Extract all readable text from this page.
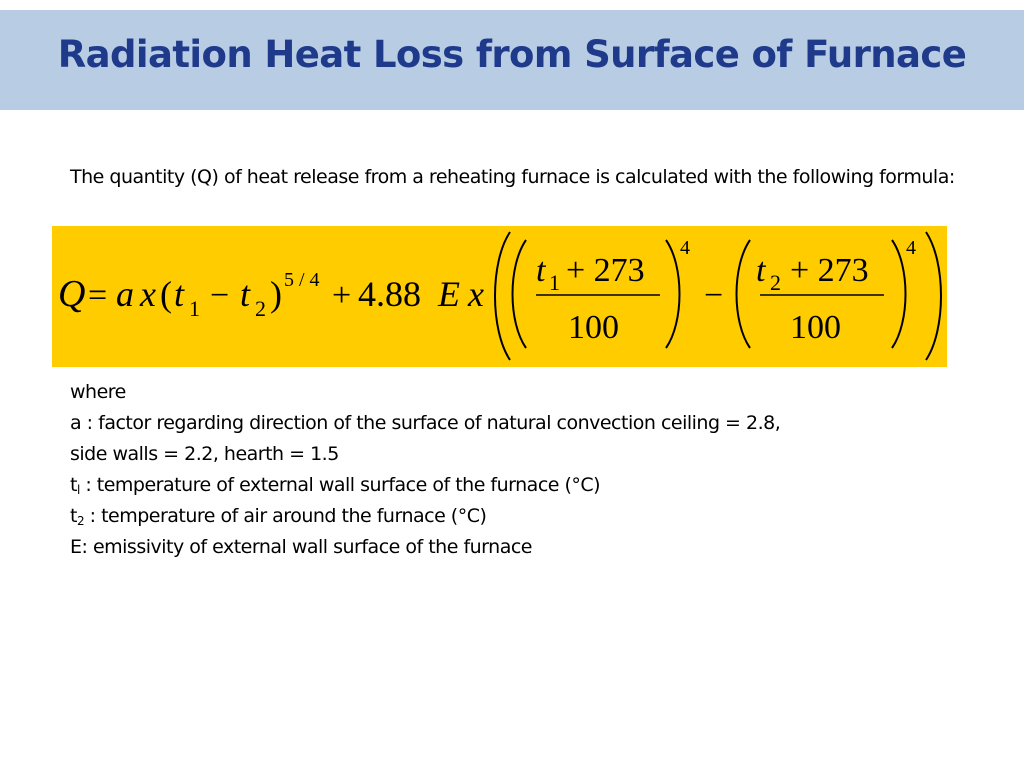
Radiation Heat Loss from Surface of Furnace

The quantity (Q) of heat release from a reheating furnace is calculated with the following formula:

Q = a x ( t 1 − t 2 ) 5 / 4 + 4.88 E x
t 1 + 273
100
4
−
t 2 + 273
100
4
where
a : factor regarding direction of the surface of natural convection ceiling = 2.8,
side walls = 2.2, hearth = 1.5
$t_l$ : temperature of external wall surface of the furnace (°C)
$t_2$ : temperature of air around the furnace (°C)
E: emissivity of external wall surface of the furnace
